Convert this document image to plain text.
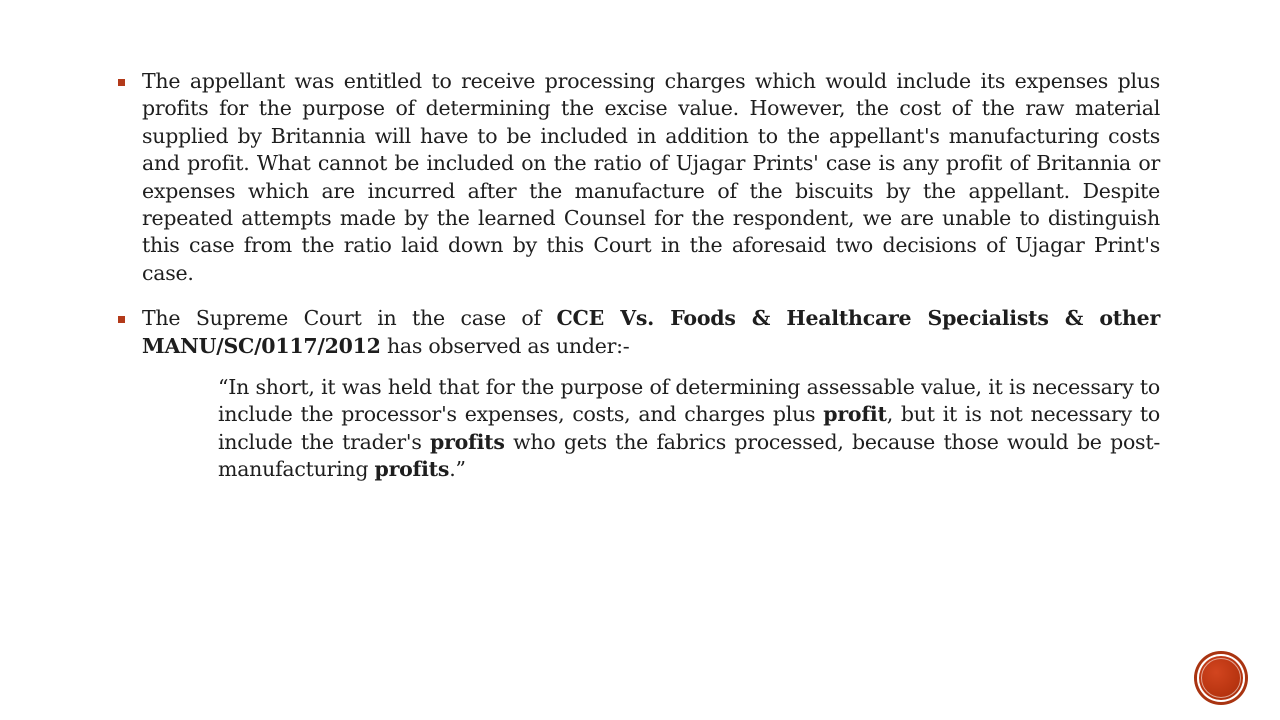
The appellant was entitled to receive processing charges which would include its expenses plus profits for the purpose of determining the excise value. However, the cost of the raw material supplied by Britannia will have to be included in addition to the appellant's manufacturing costs and profit. What cannot be included on the ratio of Ujagar Prints' case is any profit of Britannia or expenses which are incurred after the manufacture of the biscuits by the appellant. Despite repeated attempts made by the learned Counsel for the respondent, we are unable to distinguish this case from the ratio laid down by this Court in the aforesaid two decisions of Ujagar Print's case.

The Supreme Court in the case of CCE Vs. Foods & Healthcare Specialists & other MANU/SC/0117/2012 has observed as under:-

“In short, it was held that for the purpose of determining assessable value, it is necessary to include the processor's expenses, costs, and charges plus profit, but it is not necessary to include the trader's profits who gets the fabrics processed, because those would be post-manufacturing profits.”
